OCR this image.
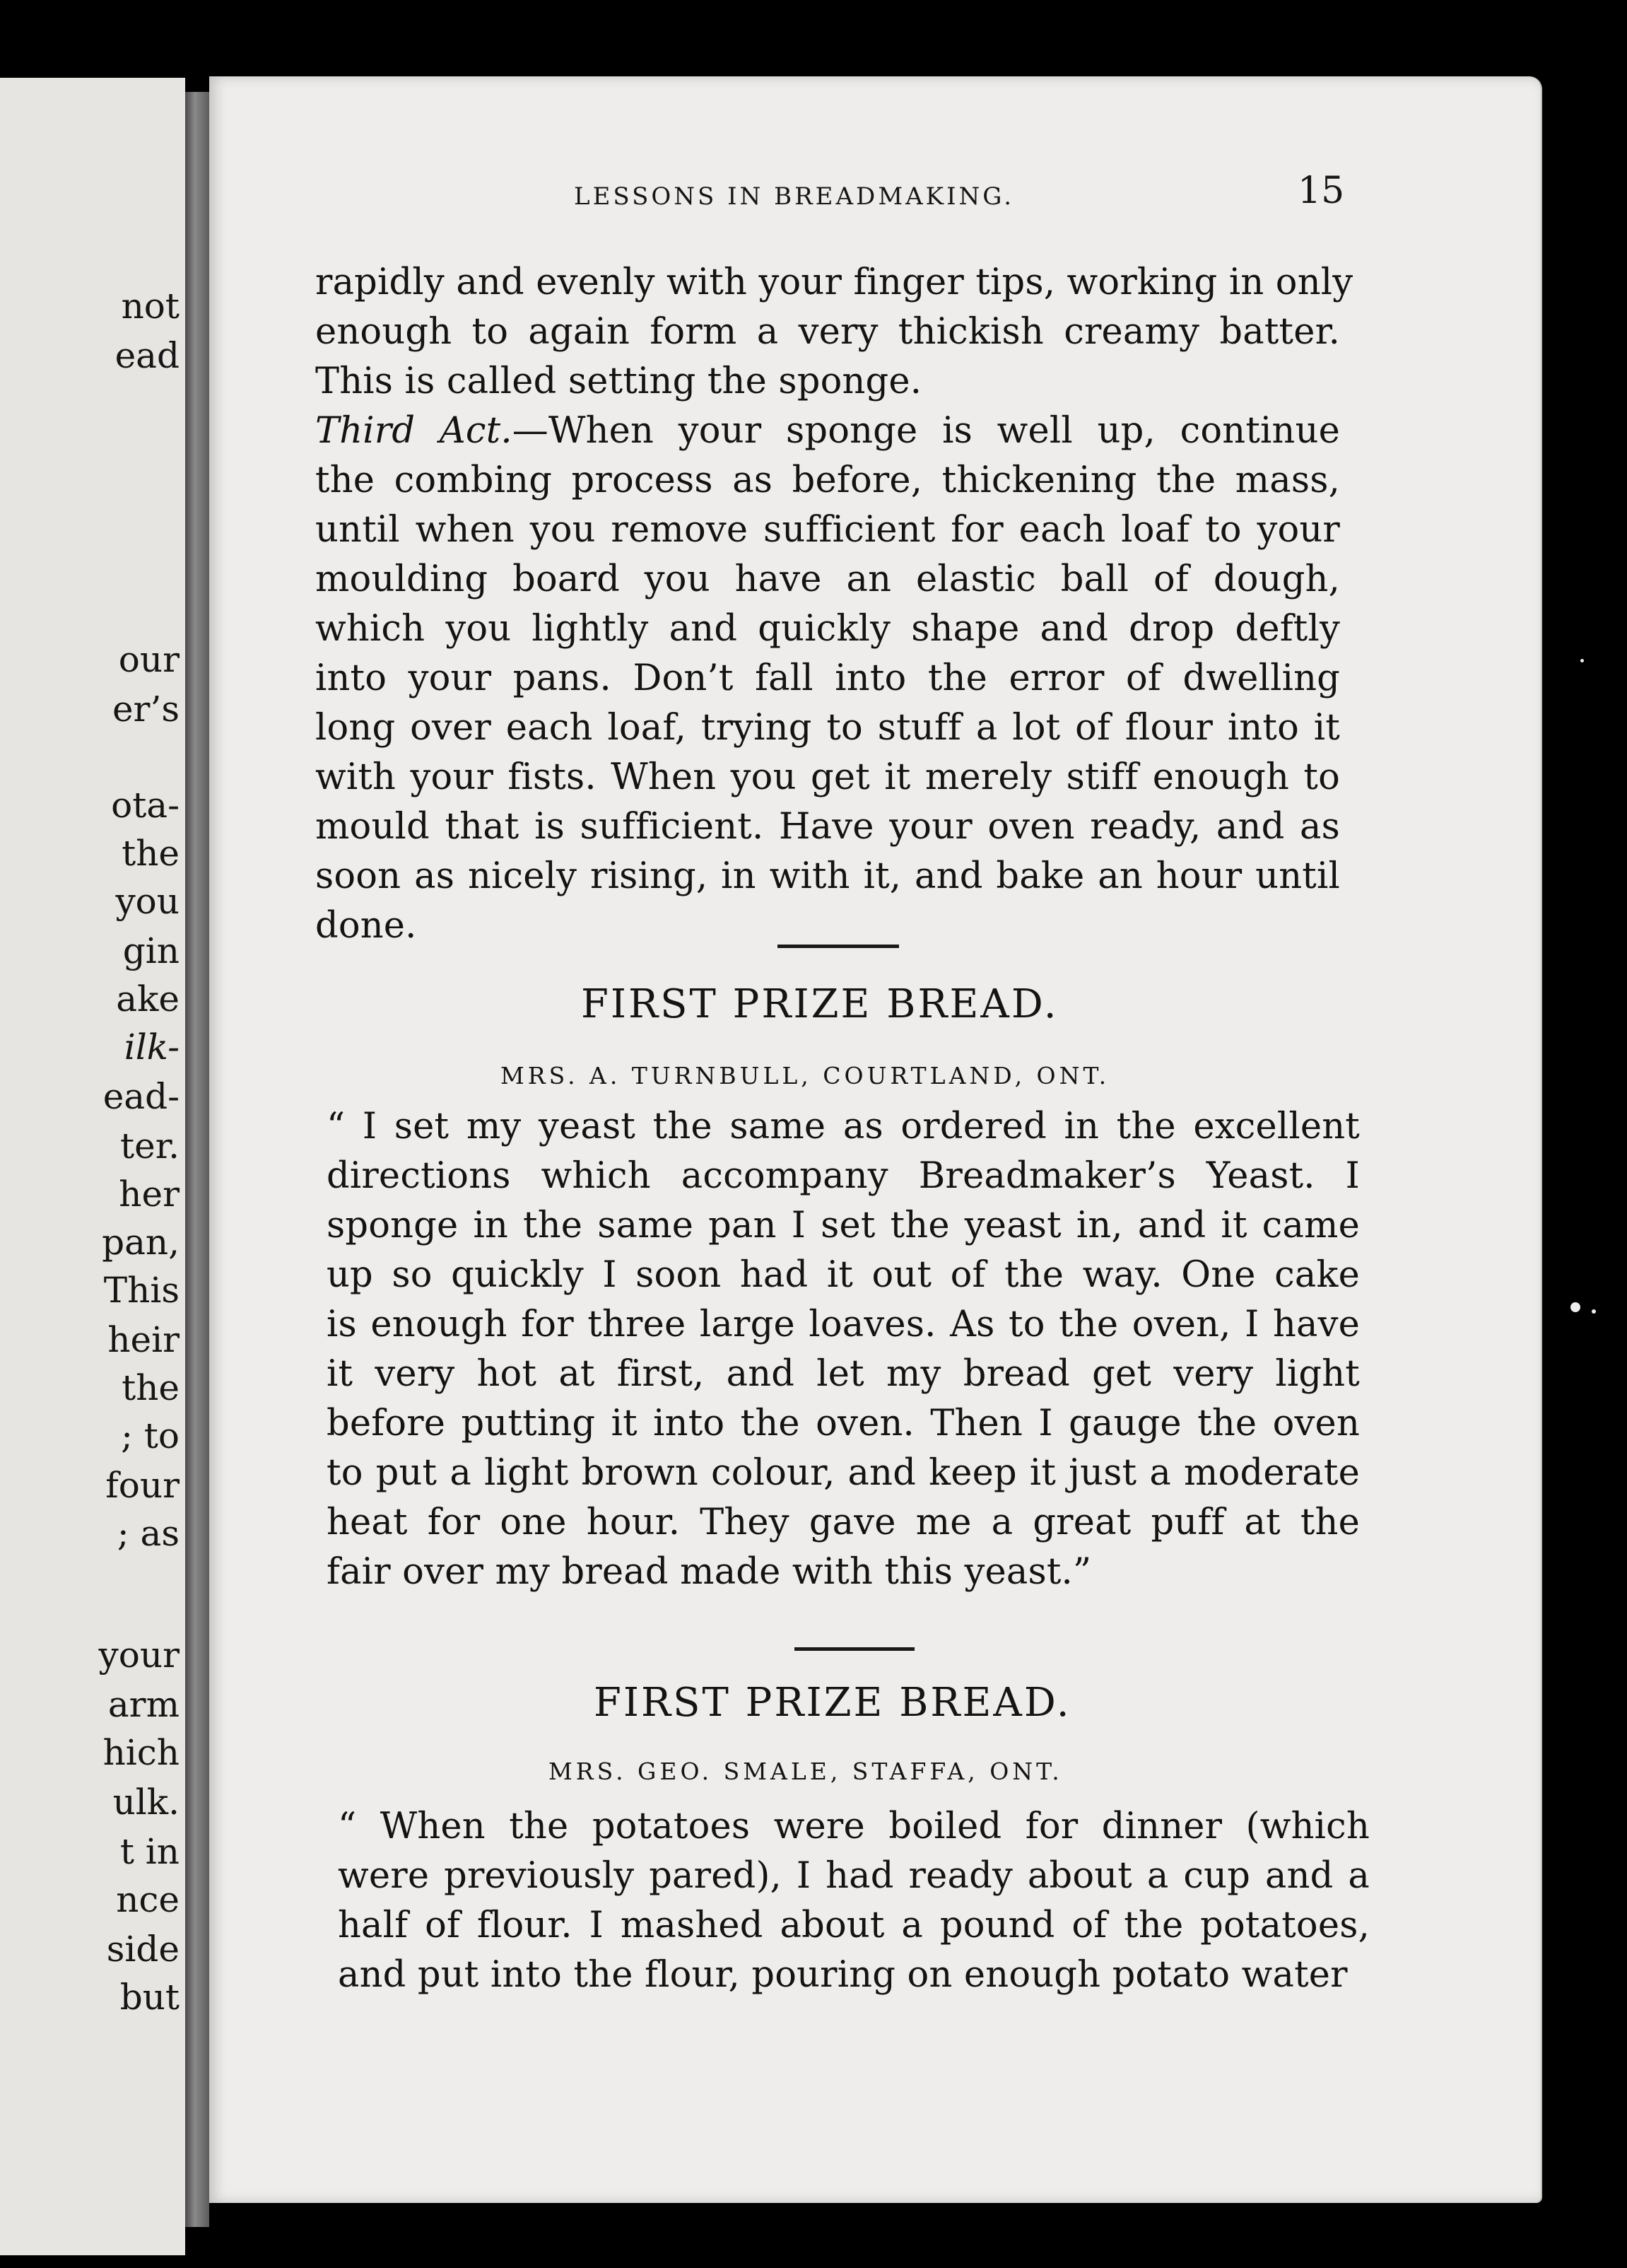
not
ead
our
er’s
ota-
the
you
gin
ake
ilk-
ead-
ter.
her
pan,
This
heir
the
; to
four
; as
your
arm
hich
ulk.
t in
nce
side
but
LESSONS IN BREADMAKING.	15
rapidly and evenly with your finger tips, working in only
enough to again form a very thickish creamy batter.
This is called setting the sponge.
Third Act.—When your sponge is well up, continue
the combing process as before, thickening the mass,
until when you remove sufficient for each loaf to your
moulding board you have an elastic ball of dough,
which you lightly and quickly shape and drop deftly
into your pans. Don’t fall into the error of dwelling
long over each loaf, trying to stuff a lot of flour into it
with your fists. When you get it merely stiff enough to
mould that is sufficient. Have your oven ready, and as
soon as nicely rising, in with it, and bake an hour until
done.
FIRST PRIZE BREAD.
MRS. A. TURNBULL, COURTLAND, ONT.
“ I set my yeast the same as ordered in the excellent
directions which accompany Breadmaker’s Yeast. I
sponge in the same pan I set the yeast in, and it came
up so quickly I soon had it out of the way. One cake
is enough for three large loaves. As to the oven, I have
it very hot at first, and let my bread get very light
before putting it into the oven. Then I gauge the oven
to put a light brown colour, and keep it just a moderate
heat for one hour. They gave me a great puff at the
fair over my bread made with this yeast.”
FIRST PRIZE BREAD.
MRS. GEO. SMALE, STAFFA, ONT.
“ When the potatoes were boiled for dinner (which
were previously pared), I had ready about a cup and a
half of flour. I mashed about a pound of the potatoes,
and put into the flour, pouring on enough potato water
